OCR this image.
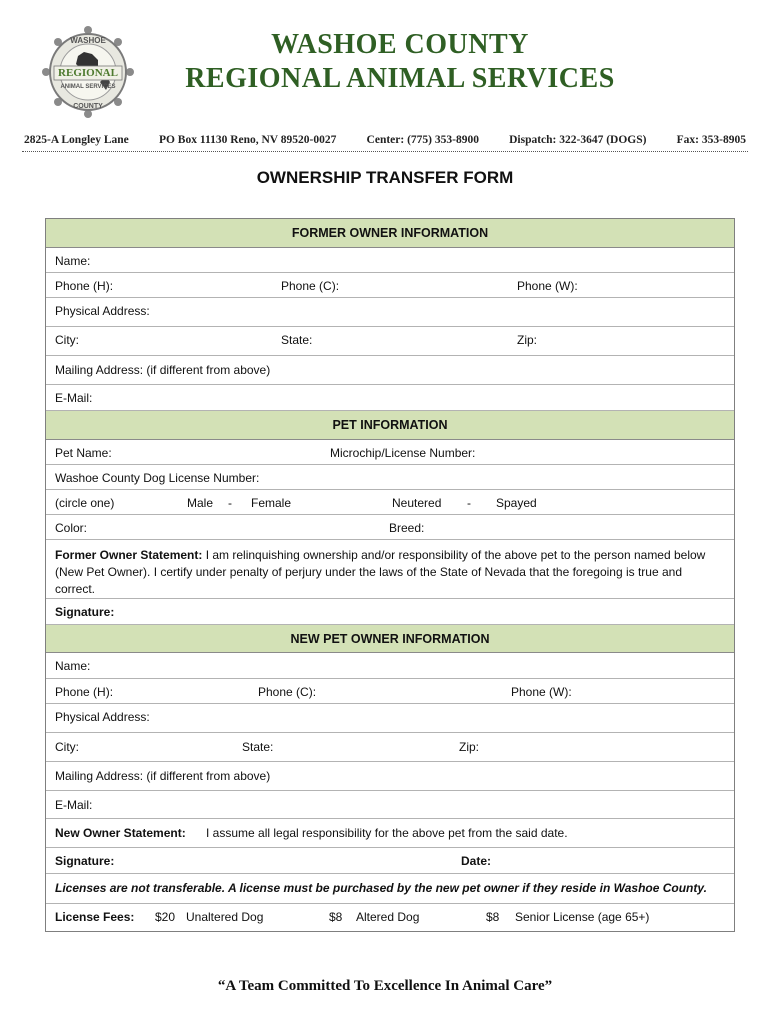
WASHOE
REGIONAL
ANIMAL SERVICES
COUNTY
WASHOE COUNTY
REGIONAL ANIMAL SERVICES
2825-A Longley Lane	PO Box 11130 Reno, NV 89520-0027	Center: (775) 353-8900	Dispatch: 322-3647 (DOGS)	Fax: 353-8905
OWNERSHIP TRANSFER FORM
FORMER OWNER INFORMATION
Name:
Phone (H):	Phone (C):	Phone (W):
Physical Address:
City:	State:	Zip:
Mailing Address: (if different from above)
E-Mail:
PET INFORMATION
Pet Name:	Microchip/License Number:
Washoe County Dog License Number:
(circle one)	Male - Female	Neutered - Spayed
Color:	Breed:
Former Owner Statement: I am relinquishing ownership and/or responsibility of the above pet to the person named below (New Pet Owner). I certify under penalty of perjury under the laws of the State of Nevada that the foregoing is true and correct.
Signature:
NEW PET OWNER INFORMATION
Name:
Phone (H):	Phone (C):	Phone (W):
Physical Address:
City:	State:	Zip:
Mailing Address: (if different from above)
E-Mail:
New Owner Statement: I assume all legal responsibility for the above pet from the said date.
Signature:	Date:
Licenses are not transferable. A license must be purchased by the new pet owner if they reside in Washoe County.
License Fees: $20 Unaltered Dog	$8 Altered Dog	$8 Senior License (age 65+)
“A Team Committed To Excellence In Animal Care”
